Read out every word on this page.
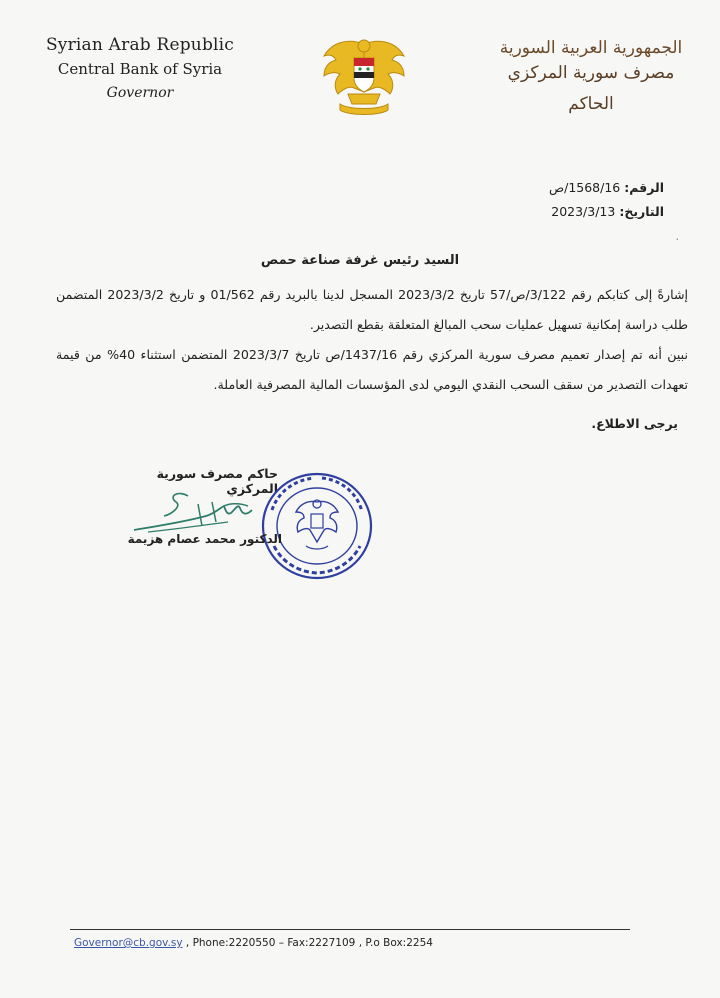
Syrian Arab Republic
Central Bank of Syria
Governor
الجمهورية العربية السورية
مصرف سورية المركزي
الحاكم
الرقم: 1568/16/ص
التاريخ: 2023/3/13
٠
السيد رئيس غرفة صناعة حمص
إشارةً إلى كتابكم رقم 3/122/ص/57 تاريخ 2023/3/2 المسجل لدينا بالبريد رقم 01/562 و تاريخ 2023/3/2 المتضمن طلب دراسة إمكانية تسهيل عمليات سحب المبالغ المتعلقة بقطع التصدير.
نبين أنه تم إصدار تعميم مصرف سورية المركزي رقم 1437/16/ص تاريخ 2023/3/7 المتضمن استثناء 40% من قيمة تعهدات التصدير من سقف السحب النقدي اليومي لدى المؤسسات المالية المصرفية العاملة.
يرجى الاطلاع.
حاكم مصرف سورية المركزي
الدكتور محمد عصام هزيمة
Governor@cb.gov.sy , Phone:2220550 – Fax:2227109 , P.o Box:2254
